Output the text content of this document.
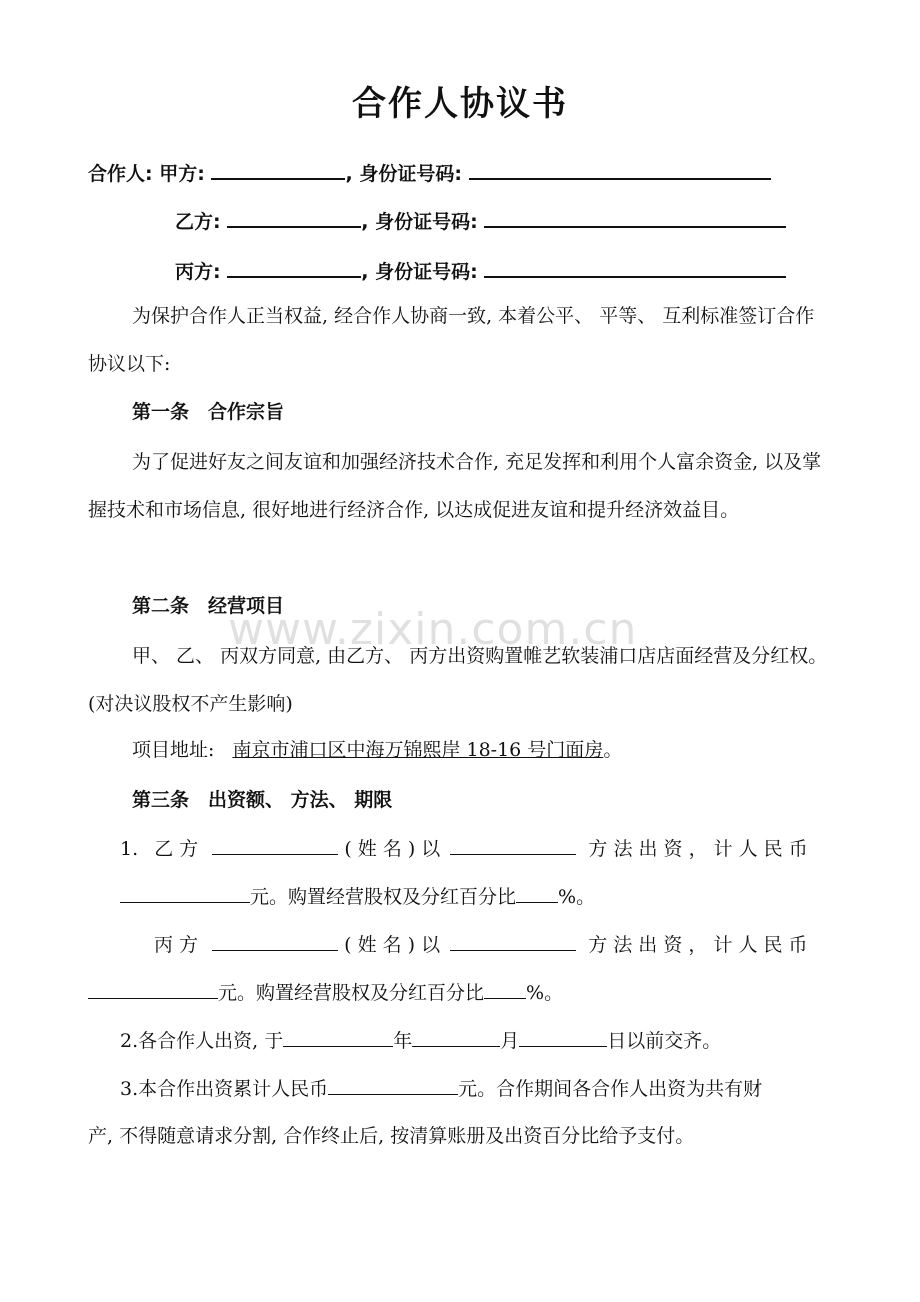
合作人协议书
合作人: 甲方:	, 身份证号码:
乙方:	, 身份证号码:
丙方:	, 身份证号码:
为保护合作人正当权益, 经合作人协商一致, 本着公平、 平等、 互利标准签订合作协议以下:
第一条　合作宗旨
为了促进好友之间友谊和加强经济技术合作, 充足发挥和利用个人富余资金, 以及掌握技术和市场信息, 很好地进行经济合作, 以达成促进友谊和提升经济效益目。
第二条　经营项目
甲、 乙、 丙双方同意, 由乙方、 丙方出资购置帷艺软装浦口店店面经营及分红权。(对决议股权不产生影响)
项目地址: 南京市浦口区中海万锦熙岸 18-16 号门面房。
第三条　出资额、 方法、 期限
1. 乙 方	( 姓 名 ) 以	方 法 出 资 ， 计 人 民 币
元。购置经营股权及分红百分比 %。
丙 方	( 姓 名 ) 以	方 法 出 资 ， 计 人 民 币
元。购置经营股权及分红百分比 %。
2.各合作人出资, 于	年	月	日以前交齐。
3.本合作出资累计人民币	元。合作期间各合作人出资为共有财
产, 不得随意请求分割, 合作终止后, 按清算账册及出资百分比给予支付。
www.zixin.com.cn
